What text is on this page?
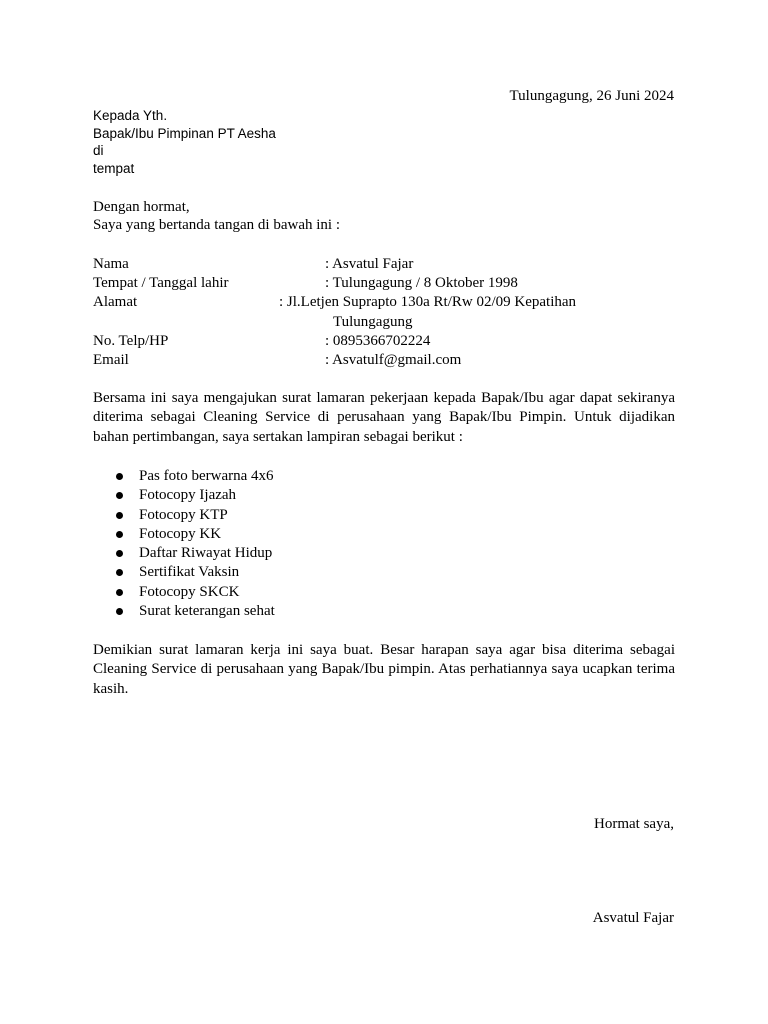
Tulungagung, 26 Juni 2024
Kepada Yth.
Bapak/Ibu Pimpinan PT Aesha
di
tempat
Dengan hormat,
Saya yang bertanda tangan di bawah ini :
Nama	: Asvatul Fajar
Tempat / Tanggal lahir	: Tulungagung / 8 Oktober 1998
Alamat	: Jl.Letjen Suprapto 130a Rt/Rw 02/09 Kepatihan
Tulungagung
No. Telp/HP	: 0895366702224
Email	: Asvatulf@gmail.com

Bersama ini saya mengajukan surat lamaran pekerjaan kepada Bapak/Ibu agar dapat sekiranya diterima sebagai Cleaning Service di perusahaan yang Bapak/Ibu Pimpin. Untuk dijadikan bahan pertimbangan, saya sertakan lampiran sebagai berikut :

Pas foto berwarna 4x6
Fotocopy Ijazah
Fotocopy KTP
Fotocopy KK
Daftar Riwayat Hidup
Sertifikat Vaksin
Fotocopy SKCK
Surat keterangan sehat

Demikian surat lamaran kerja ini saya buat. Besar harapan saya agar bisa diterima sebagai Cleaning Service di perusahaan yang Bapak/Ibu pimpin. Atas perhatiannya saya ucapkan terima kasih.

Hormat saya,
Asvatul Fajar
